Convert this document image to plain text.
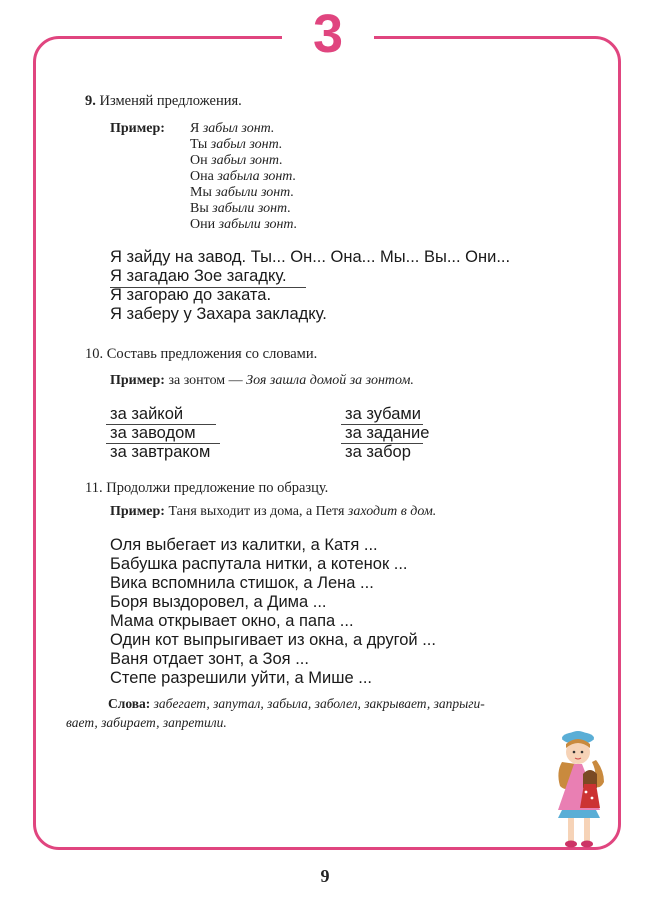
3
9. Изменяй предложения.
Пример: Я забыл зонт.
Ты забыл зонт.
Он забыл зонт.
Она забыла зонт.
Мы забыли зонт.
Вы забыли зонт.
Они забыли зонт.
Я зайду на завод. Ты... Он... Она... Мы... Вы... Они...
Я загадаю Зое загадку.
Я загораю до заката.
Я заберу у Захара закладку.
10. Составь предложения со словами.
Пример: за зонтом — Зоя зашла домой за зонтом.
за зайкой
за заводом
за завтраком
за зубами
за задание
за забор
11. Продолжи предложение по образцу.
Пример: Таня выходит из дома, а Петя заходит в дом.
Оля выбегает из калитки, а Катя ...
Бабушка распутала нитки, а котенок ...
Вика вспомнила стишок, а Лена ...
Боря выздоровел, а Дима ...
Мама открывает окно, а папа ...
Один кот выпрыгивает из окна, а другой ...
Ваня отдает зонт, а Зоя ...
Степе разрешили уйти, а Мише ...
Слова: забегает, запутал, забыла, заболел, закрывает, запрыги-
вает, забирает, запретили.
9
